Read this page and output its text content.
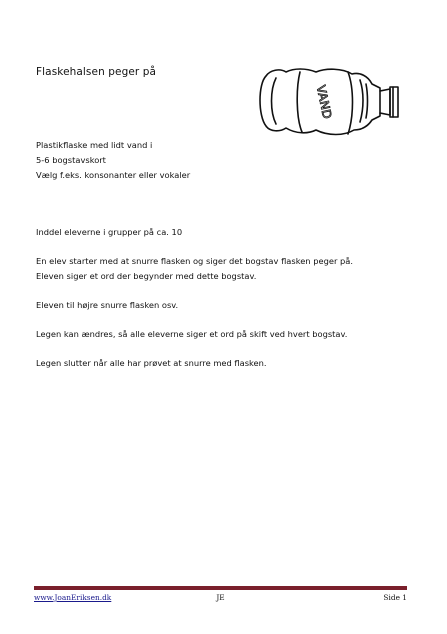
Flaskehalsen peger på
VAND
Plastikflaske med lidt vand i
5-6 bogstavskort
Vælg f.eks. konsonanter eller vokaler
Inddel eleverne i grupper på ca. 10
En elev starter med at snurre flasken og siger det bogstav flasken peger på.
Eleven siger et ord der begynder med dette bogstav.
Eleven til højre snurre flasken osv.
Legen kan ændres, så alle eleverne siger et ord på skift ved hvert bogstav.
Legen slutter når alle har prøvet at snurre med flasken.
www.JoanEriksen.dk	JE	Side 1
